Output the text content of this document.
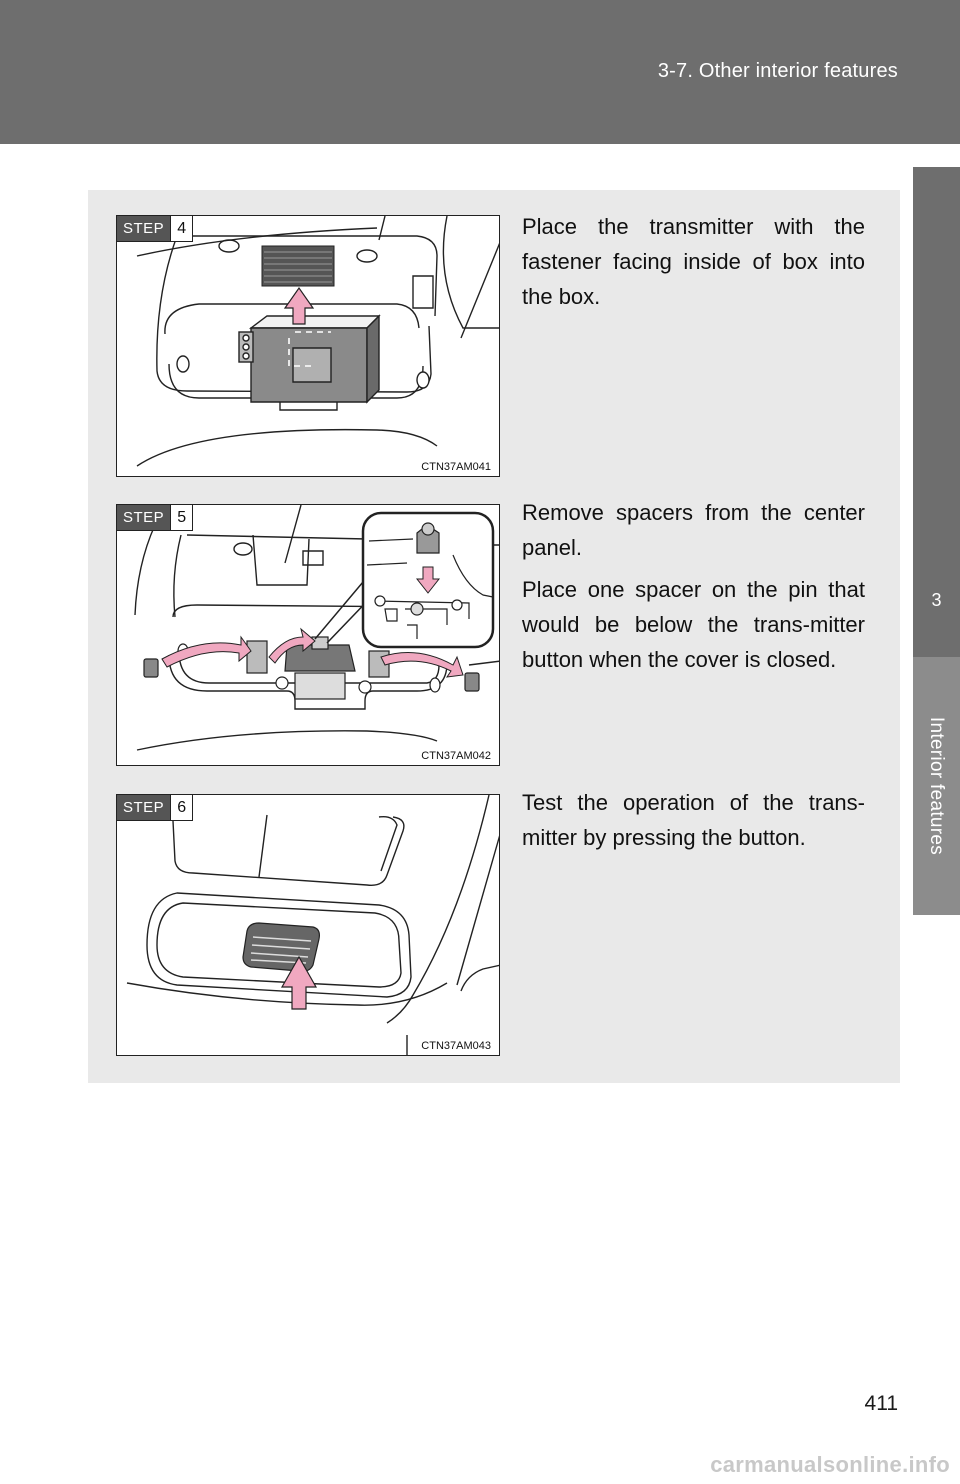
3-7. Other interior features
3
Interior features
STEP 4
CTN37AM041

Place the transmitter with the fastener facing inside of box into the box.

STEP 5
CTN37AM042

Remove spacers from the center panel.

Place one spacer on the pin that would be below the trans-mitter button when the cover is closed.

STEP 6
CTN37AM043

Test the operation of the trans-mitter by pressing the button.

411
carmanualsonline.info
